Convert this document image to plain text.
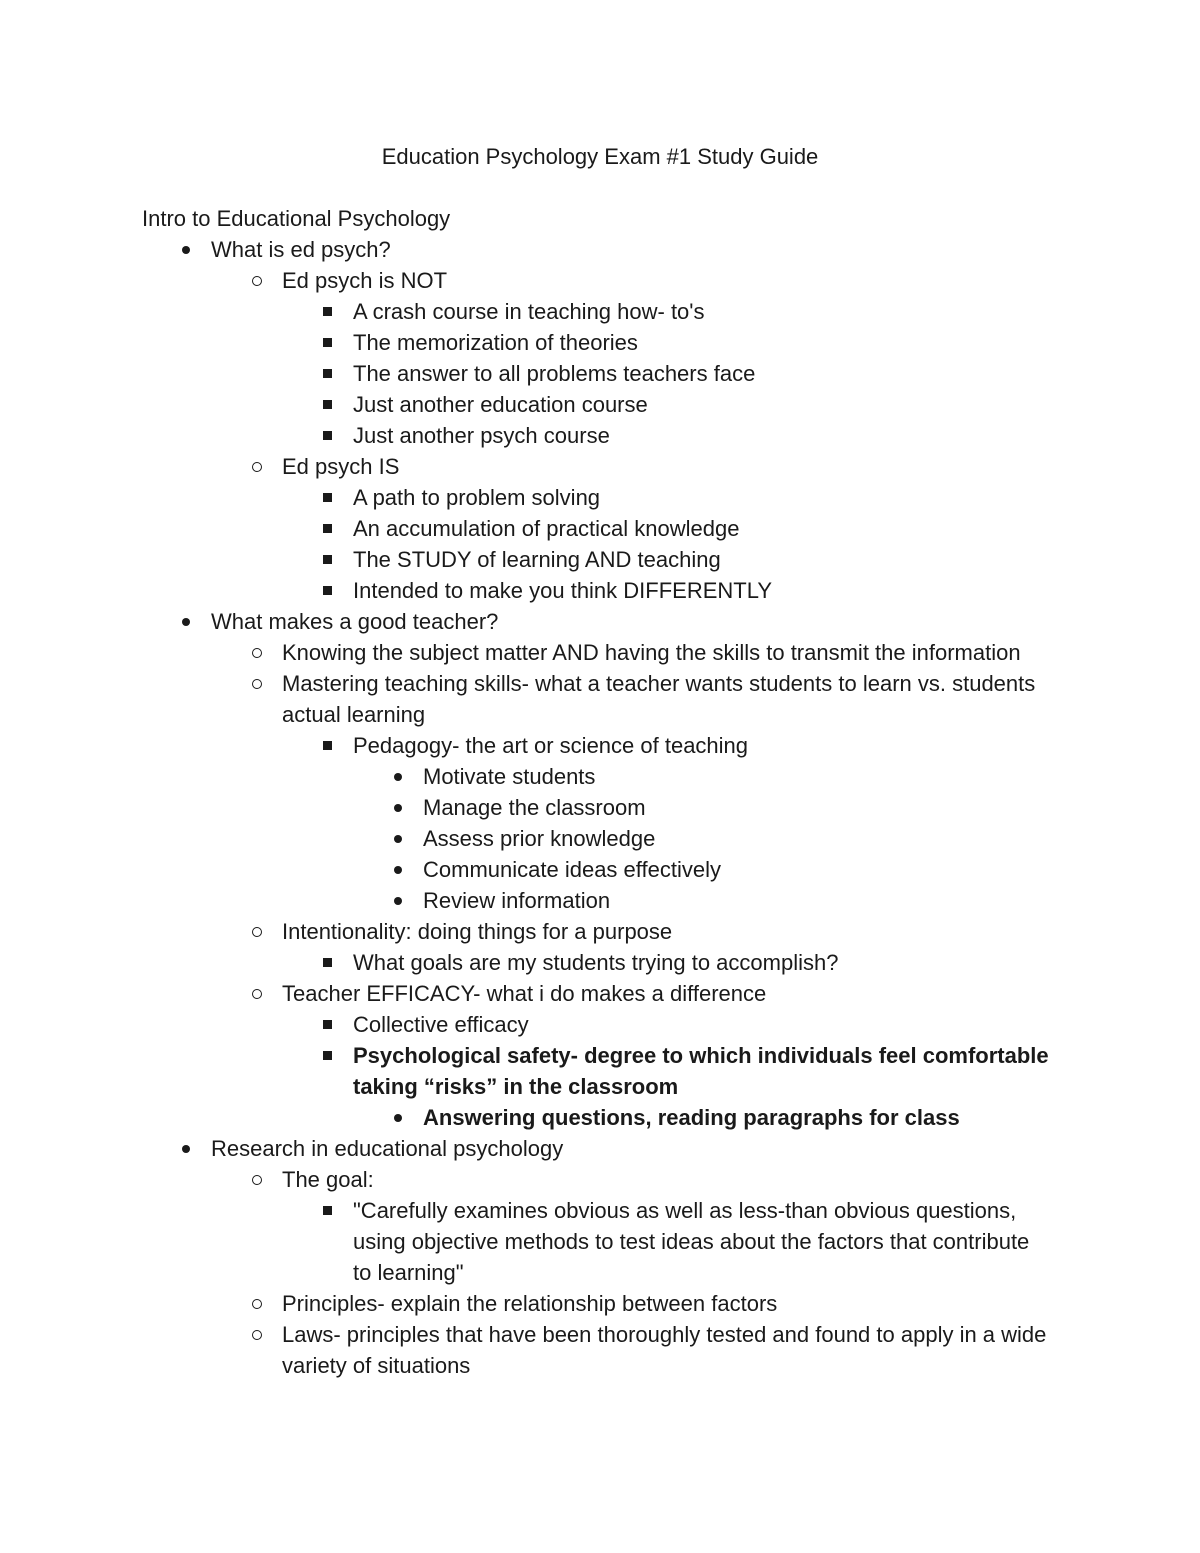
Education Psychology Exam #1 Study Guide

Intro to Educational Psychology

What is ed psych?
Ed psych is NOT
A crash course in teaching how- to's
The memorization of theories
The answer to all problems teachers face
Just another education course
Just another psych course
Ed psych IS
A path to problem solving
An accumulation of practical knowledge
The STUDY of learning AND teaching
Intended to make you think DIFFERENTLY
What makes a good teacher?
Knowing the subject matter AND having the skills to transmit the information
Mastering teaching skills- what a teacher wants students to learn vs. students actual learning
Pedagogy- the art or science of teaching
Motivate students
Manage the classroom
Assess prior knowledge
Communicate ideas effectively
Review information
Intentionality: doing things for a purpose
What goals are my students trying to accomplish?
Teacher EFFICACY- what i do makes a difference
Collective efficacy
Psychological safety- degree to which individuals feel comfortable taking “risks” in the classroom
Answering questions, reading paragraphs for class
Research in educational psychology
The goal:
"Carefully examines obvious as well as less-than obvious questions, using objective methods to test ideas about the factors that contribute to learning"
Principles- explain the relationship between factors
Laws- principles that have been thoroughly tested and found to apply in a wide variety of situations
